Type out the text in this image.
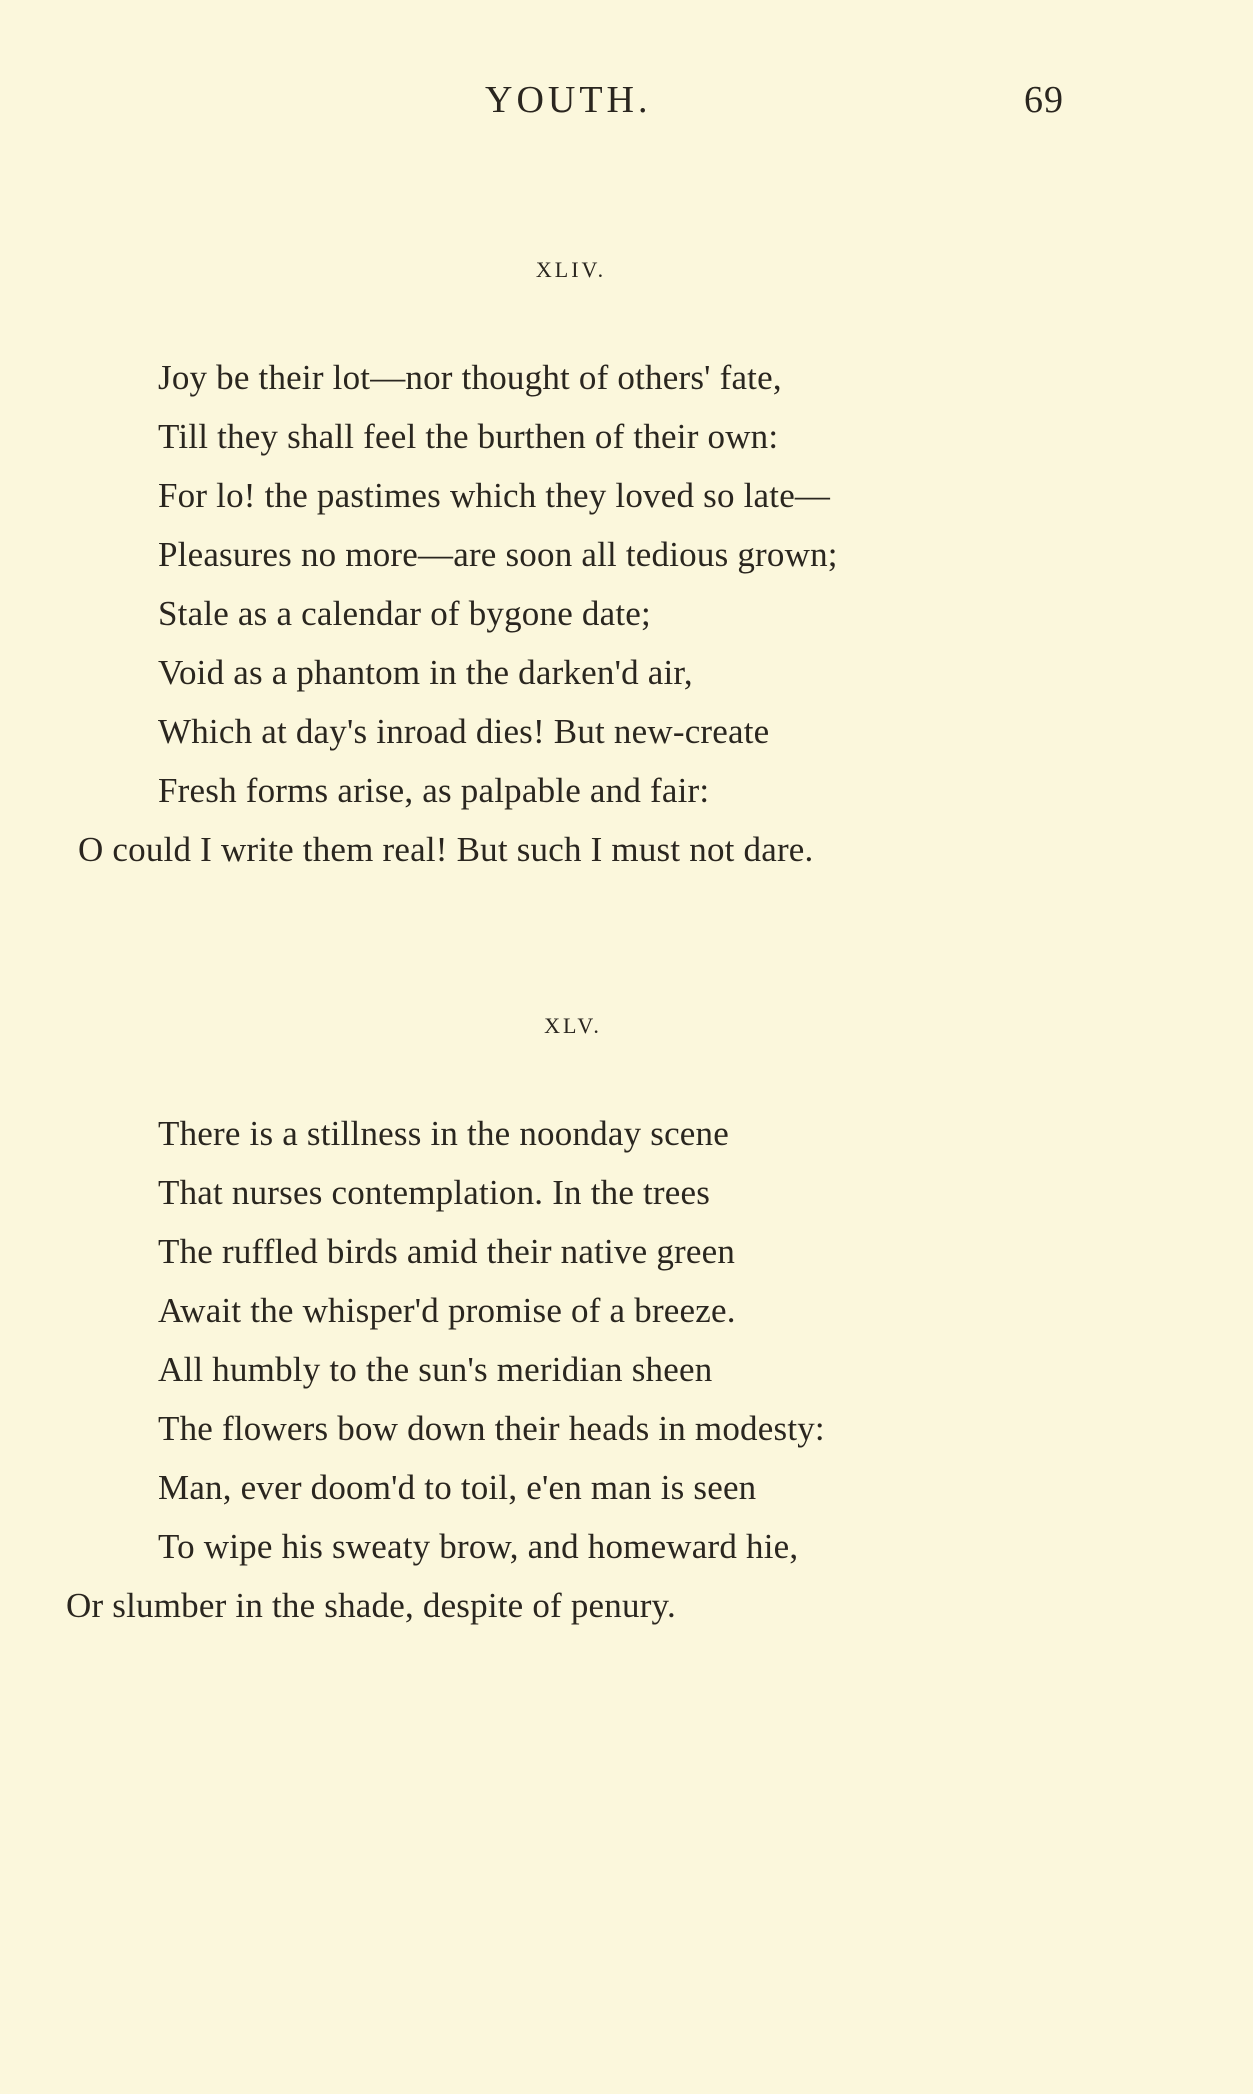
YOUTH.	69
XLIV.
Joy be their lot—nor thought of others' fate,
Till they shall feel the burthen of their own:
For lo! the pastimes which they loved so late—
Pleasures no more—are soon all tedious grown;
Stale as a calendar of bygone date;
Void as a phantom in the darken'd air,
Which at day's inroad dies! But new-create
Fresh forms arise, as palpable and fair:
O could I write them real! But such I must not dare.
XLV.
There is a stillness in the noonday scene
That nurses contemplation. In the trees
The ruffled birds amid their native green
Await the whisper'd promise of a breeze.
All humbly to the sun's meridian sheen
The flowers bow down their heads in modesty:
Man, ever doom'd to toil, e'en man is seen
To wipe his sweaty brow, and homeward hie,
Or slumber in the shade, despite of penury.
